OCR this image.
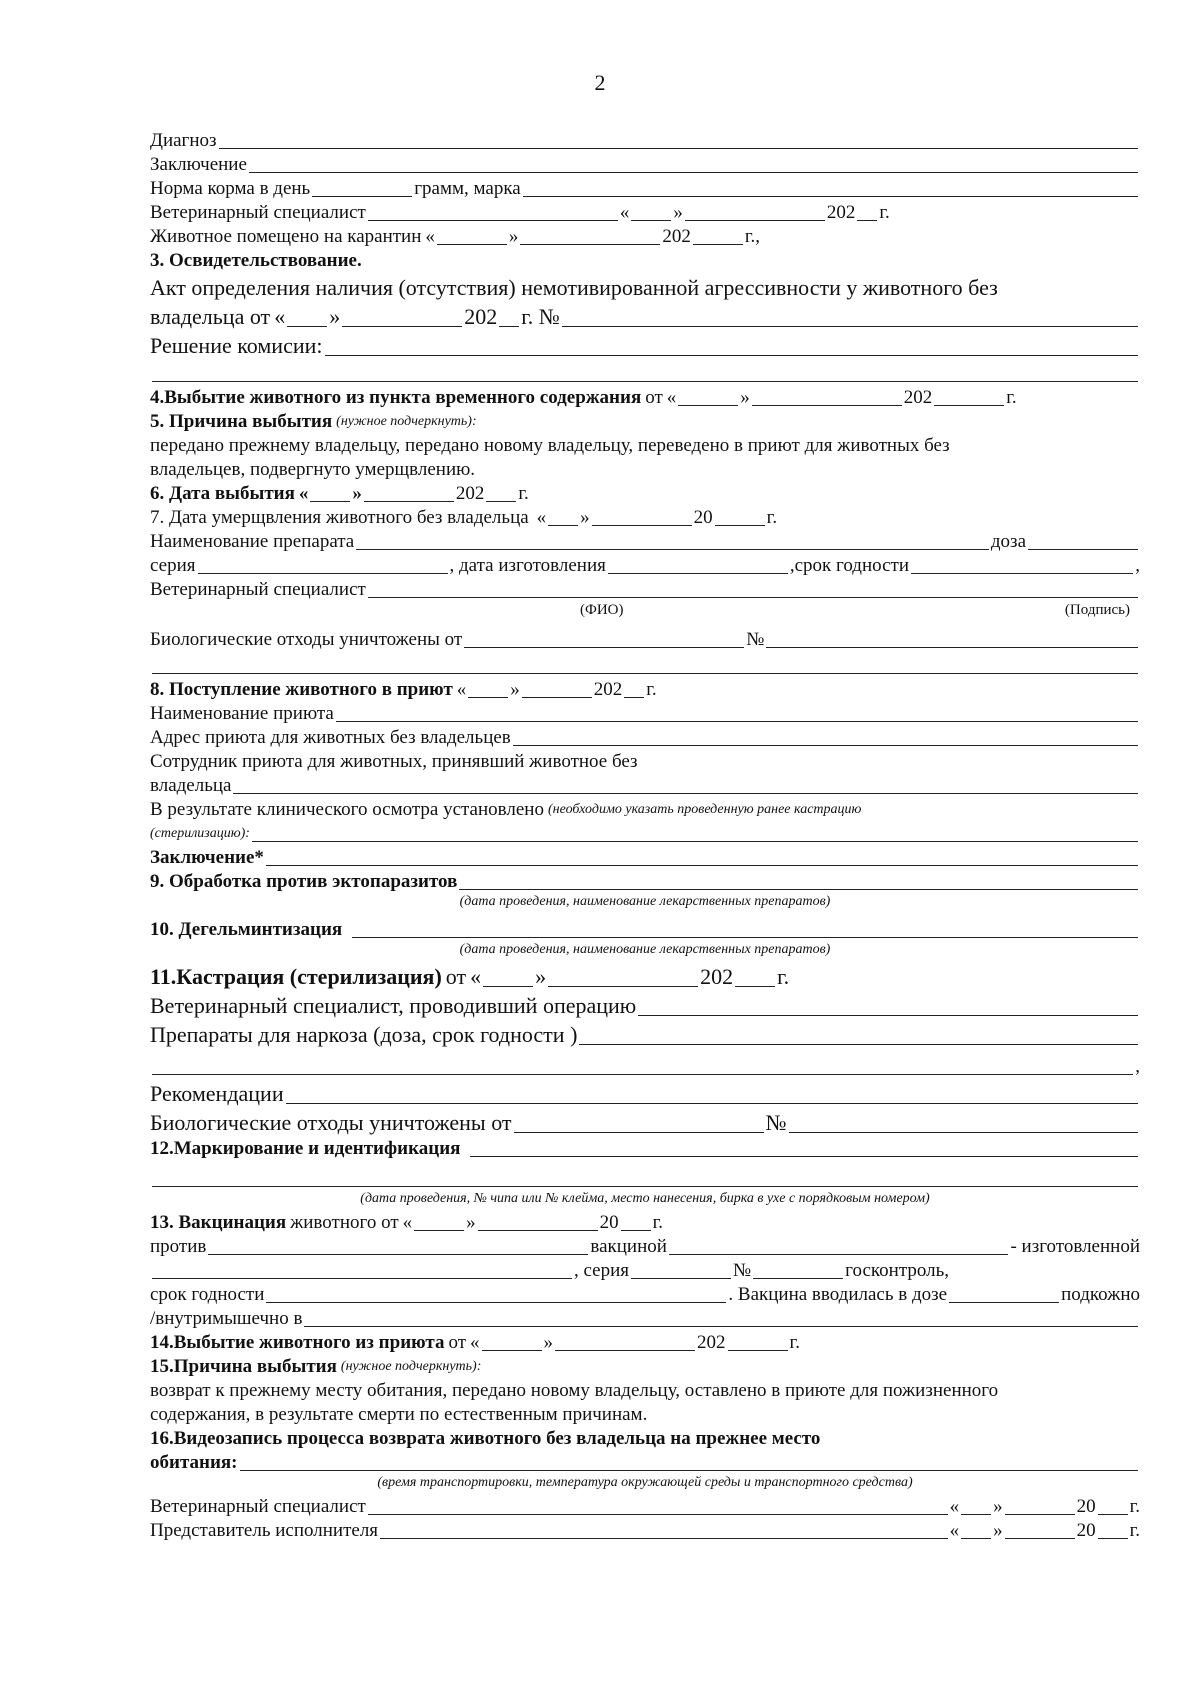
2
Диагноз
Заключение
Норма корма в день	грамм, марка
Ветеринарный специалист	« »	202 г.
Животное помещено на карантин «	»	202	г.,
3. Освидетельствование.
Акт определения наличия (отсутствия) немотивированной агрессивности у животного без
владельца от « »	202 г. №
Решение комисии:
4.Выбытие животного из пункта временного содержания от «	»	202	г.
5. Причина выбытия (нужное подчеркнуть):
передано прежнему владельцу, передано новому владельцу, переведено в приют для животных без
владельцев, подвергнуто умерщвлению.
6. Дата выбытия « »	202 г.
7. Дата умерщвления животного без владельца « »	20	г.
Наименование препарата	доза
серия	, дата изготовления	,срок годности	,
Ветеринарный специалист
(ФИО)	(Подпись)
Биологические отходы уничтожены от	№
8. Поступление животного в приют « »	202 г.
Наименование приюта
Адрес приюта для животных без владельцев
Сотрудник приюта для животных, принявший животное без
владельца
В результате клинического осмотра установлено (необходимо указать проведенную ранее кастрацию
(стерилизацию):
Заключение*
9. Обработка против эктопаразитов
(дата проведения, наименование лекарственных препаратов)
10. Дегельминтизация
(дата проведения, наименование лекарственных препаратов)
11.Кастрация (стерилизация) от « »	202 г.
Ветеринарный специалист, проводивший операцию
Препараты для наркоза (доза, срок годности )
,
Рекомендации
Биологические отходы уничтожены от	№
12.Маркирование и идентификация
(дата проведения, № чипа или № клейма, место нанесения, бирка в ухе с порядковым номером)
13. Вакцинация животного от «	»	20 г.
против	вакциной	- изготовленной
, серия	№	госконтроль,
срок годности	. Вакцина вводилась в дозе	подкожно
/внутримышечно в
14.Выбытие животного из приюта от «	»	202	г.
15.Причина выбытия (нужное подчеркнуть):
возврат к прежнему месту обитания, передано новому владельцу, оставлено в приюте для пожизненного
содержания, в результате смерти по естественным причинам.
16.Видеозапись процесса возврата животного без владельца на прежнее место
обитания:
(время транспортировки, температура окружающей среды и транспортного средства)
Ветеринарный специалист	« »	20 г.
Представитель исполнителя	« »	20 г.
